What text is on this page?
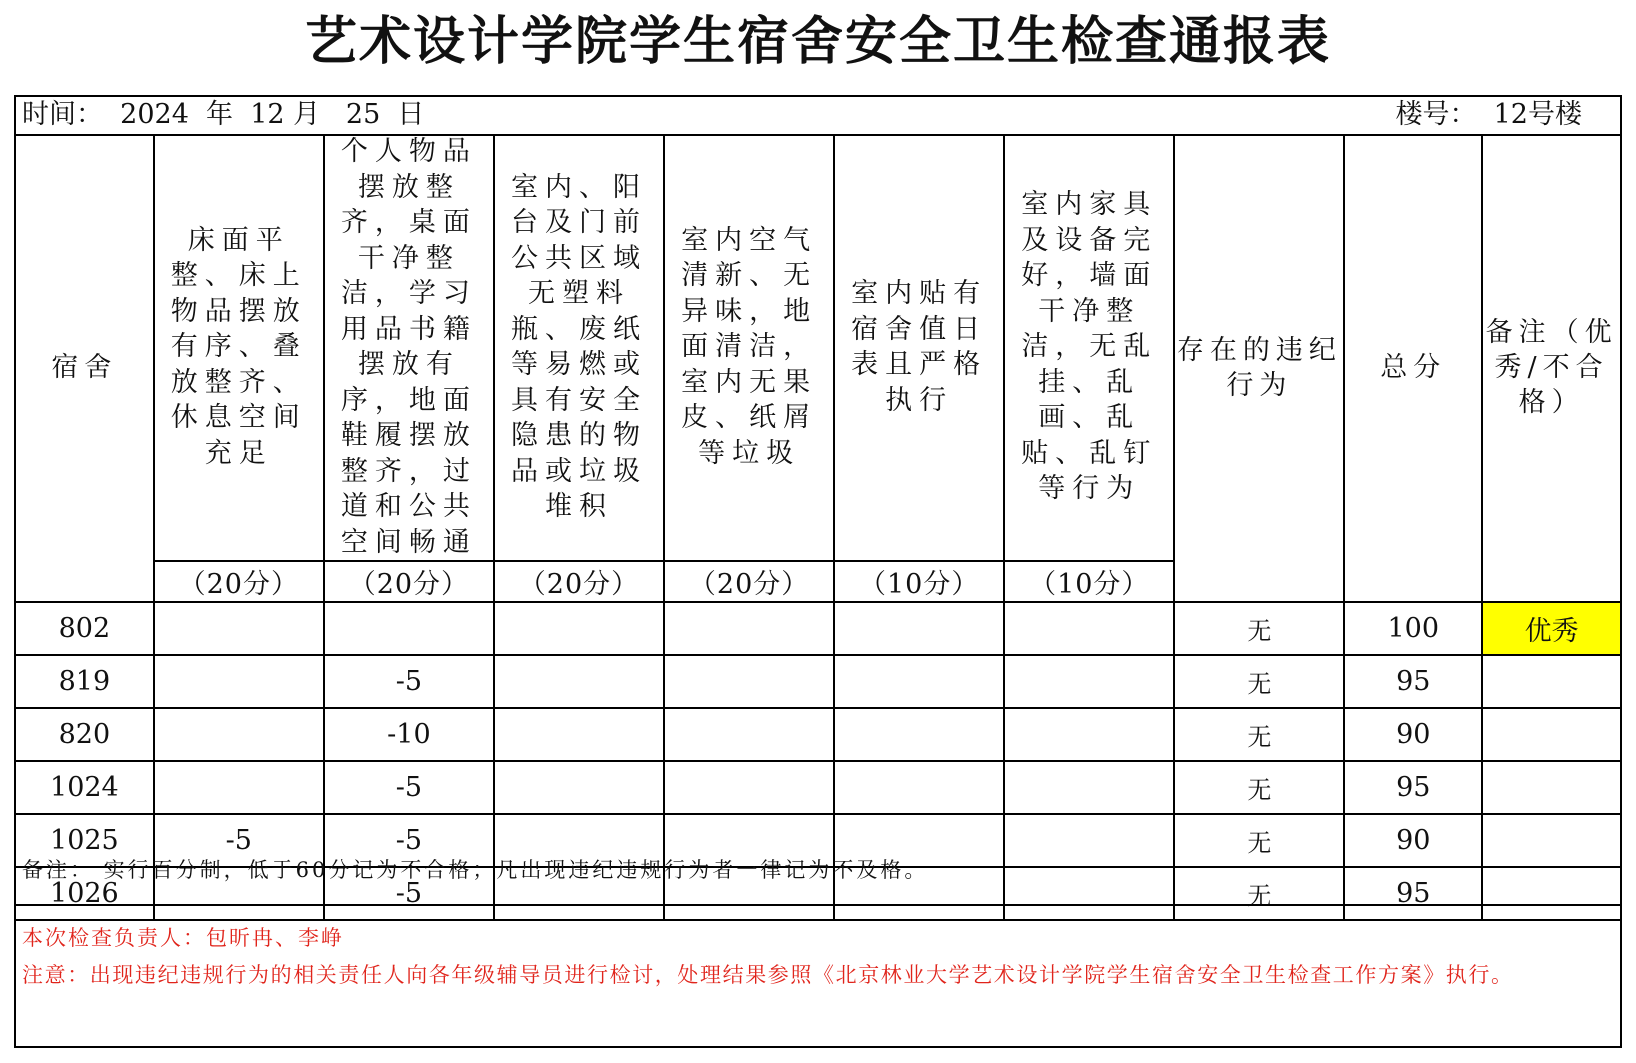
艺术设计学院学生宿舍安全卫生检查通报表
时间：  2024  年  12 月   25  日	楼号：  12号楼
宿舍	床面平整、床上物品摆放有序、叠放整齐、休息空间充足	个人物品摆放整齐，桌面干净整洁，学习用品书籍摆放有序，地面鞋履摆放整齐，过道和公共空间畅通	室内、阳台及门前公共区域无塑料瓶、废纸等易燃或具有安全隐患的物品或垃圾堆积	室内空气清新、无异味，地面清洁，室内无果皮、纸屑等垃圾	室内贴有宿舍值日表且严格执行	室内家具及设备完好，墙面干净整洁，无乱挂、乱画、乱贴、乱钉等行为	存在的违纪行为	总分	备注（优秀/不合格）
	（20分）	（20分）	（20分）	（20分）	（10分）	（10分）			
802							无	100	优秀
819		-5					无	95	
820		-10					无	90	
1024		-5					无	95	
1025	-5	-5					无	90	
1026		-5					无	95	
备注： 实行百分制，低于60分记为不合格；凡出现违纪违规行为者一律记为不及格。
本次检查负责人：包昕冉、李峥
注意：出现违纪违规行为的相关责任人向各年级辅导员进行检讨，处理结果参照《北京林业大学艺术设计学院学生宿舍安全卫生检查工作方案》执行。
